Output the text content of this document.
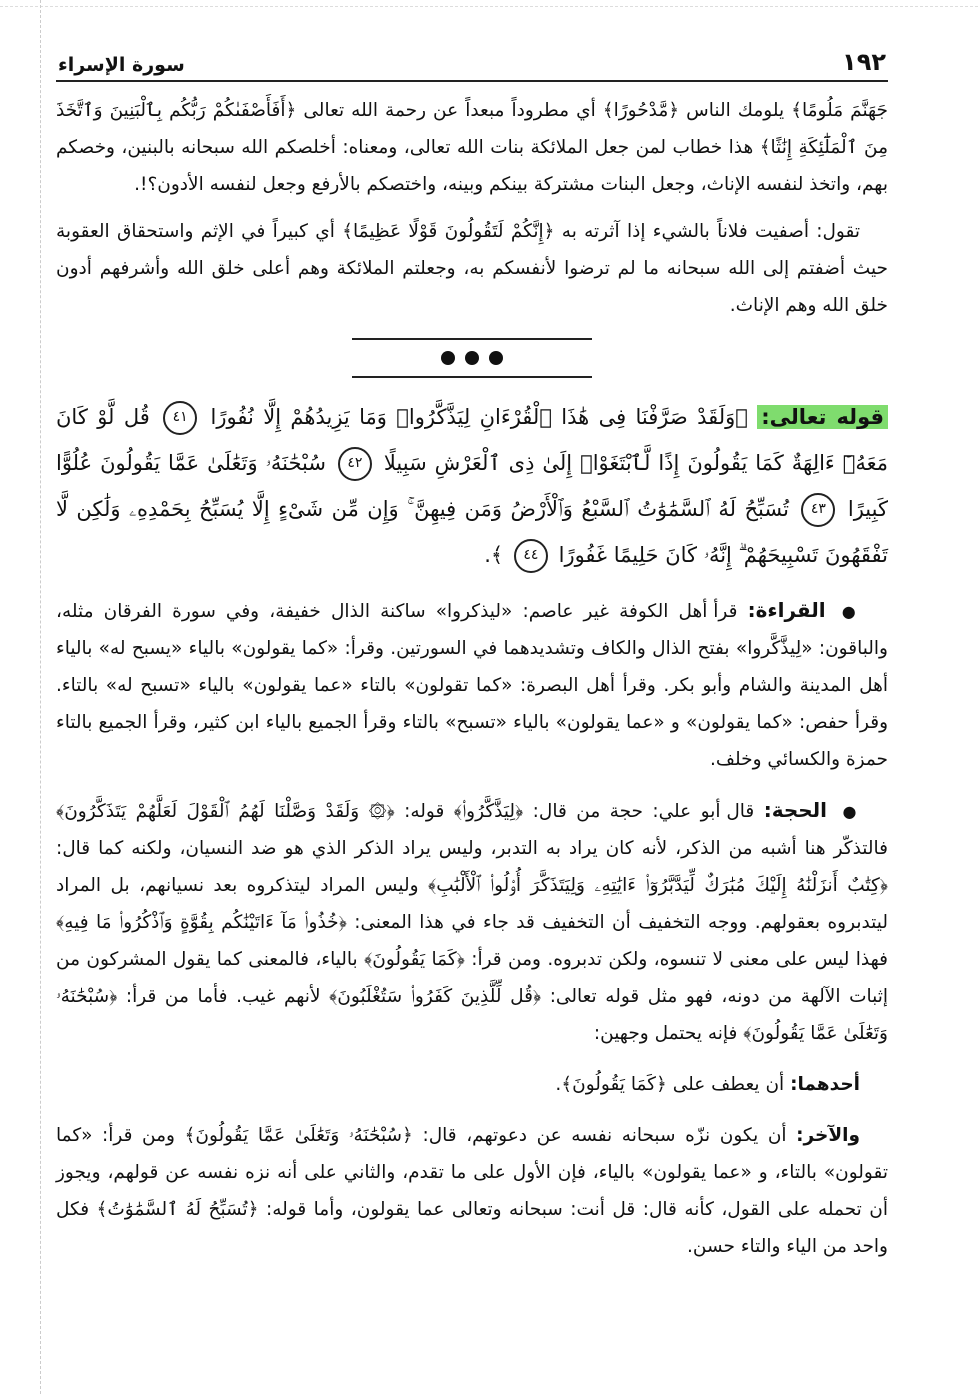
١٩٢
سورة الإسراء

جَهَنَّمَ مَلُومًا﴾ يلومك الناس ﴿مَّدْحُورًا﴾ أي مطروداً مبعداً عن رحمة الله تعالى ﴿أَفَأَصْفَىٰكُمْ رَبُّكُم بِٱلْبَنِينَ وَٱتَّخَذَ مِنَ ٱلْمَلَٰٓئِكَةِ إِنَٰثًا﴾ هذا خطاب لمن جعل الملائكة بنات الله تعالى، ومعناه: أخلصكم الله سبحانه بالبنين، وخصكم بهم، واتخذ لنفسه الإناث، وجعل البنات مشتركة بينكم وبينه، واختصكم بالأرفع وجعل لنفسه الأدون؟!.

تقول: أصفيت فلاناً بالشيء إذا آثرته به ﴿إِنَّكُمْ لَتَقُولُونَ قَوْلًا عَظِيمًا﴾ أي كبيراً في الإثم واستحقاق العقوبة حيث أضفتم إلى الله سبحانه ما لم ترضوا لأنفسكم به، وجعلتم الملائكة وهم أعلى خلق الله وأشرفهم أدون خلق الله وهم الإناث.

قوله تعالى: ﴿وَلَقَدْ صَرَّفْنَا فِى هَٰذَا ٱلْقُرْءَانِ لِيَذَّكَّرُوا۟ وَمَا يَزِيدُهُمْ إِلَّا نُفُورًا ٤١ قُل لَّوْ كَانَ مَعَهُۥٓ ءَالِهَةٌ كَمَا يَقُولُونَ إِذًا لَّٱبْتَغَوْا۟ إِلَىٰ ذِى ٱلْعَرْشِ سَبِيلًا ٤٢ سُبْحَٰنَهُۥ وَتَعَٰلَىٰ عَمَّا يَقُولُونَ عُلُوًّا كَبِيرًا ٤٣ تُسَبِّحُ لَهُ ٱلسَّمَٰوَٰتُ ٱلسَّبْعُ وَٱلْأَرْضُ وَمَن فِيهِنَّ ۚ وَإِن مِّن شَىْءٍ إِلَّا يُسَبِّحُ بِحَمْدِهِۦ وَلَٰكِن لَّا تَفْقَهُونَ تَسْبِيحَهُمْ ۗ إِنَّهُۥ كَانَ حَلِيمًا غَفُورًا ٤٤ ﴾.

● القراءة: قرأ أهل الكوفة غير عاصم: «ليذكروا» ساكنة الذال خفيفة، وفي سورة الفرقان مثله، والباقون: «لِيذَّكَّروا» بفتح الذال والكاف وتشديدهما في السورتين. وقرأ: «كما يقولون» بالياء «يسبح له» بالياء أهل المدينة والشام وأبو بكر. وقرأ أهل البصرة: «كما تقولون» بالتاء «عما يقولون» بالياء «تسبح له» بالتاء. وقرأ حفص: «كما يقولون» و «عما يقولون» بالياء «تسبح» بالتاء وقرأ الجميع بالياء ابن كثير، وقرأ الجميع بالتاء حمزة والكسائي وخلف.

● الحجة: قال أبو علي: حجة من قال: ﴿لِيَذَّكَّرُوا۟﴾ قوله: ﴿۞ وَلَقَدْ وَصَّلْنَا لَهُمُ ٱلْقَوْلَ لَعَلَّهُمْ يَتَذَكَّرُونَ﴾ فالتذكّر هنا أشبه من الذكر، لأنه كان يراد به التدبر، وليس يراد الذكر الذي هو ضد النسيان، ولكنه كما قال: ﴿كِتَٰبٌ أَنزَلْنَٰهُ إِلَيْكَ مُبَٰرَكٌ لِّيَدَّبَّرُوٓا۟ ءَايَٰتِهِۦ وَلِيَتَذَكَّرَ أُو۟لُوا۟ ٱلْأَلْبَٰبِ﴾ وليس المراد ليتذكروه بعد نسيانهم، بل المراد ليتدبروه بعقولهم. ووجه التخفيف أن التخفيف قد جاء في هذا المعنى: ﴿خُذُوا۟ مَآ ءَاتَيْنَٰكُم بِقُوَّةٍ وَٱذْكُرُوا۟ مَا فِيهِ﴾ فهذا ليس على معنى لا تنسوه، ولكن تدبروه. ومن قرأ: ﴿كَمَا يَقُولُونَ﴾ بالياء، فالمعنى كما يقول المشركون من إثبات الآلهة من دونه، فهو مثل قوله تعالى: ﴿قُل لِّلَّذِينَ كَفَرُوا۟ سَتُغْلَبُونَ﴾ لأنهم غيب. فأما من قرأ: ﴿سُبْحَٰنَهُۥ وَتَعَٰلَىٰ عَمَّا يَقُولُونَ﴾ فإنه يحتمل وجهين:

أحدهما: أن يعطف على ﴿كَمَا يَقُولُونَ﴾.

والآخر: أن يكون نزّه سبحانه نفسه عن دعوتهم، قال: ﴿سُبْحَٰنَهُۥ وَتَعَٰلَىٰ عَمَّا يَقُولُونَ﴾ ومن قرأ: «كما تقولون» بالتاء، و «عما يقولون» بالياء، فإن الأول على ما تقدم، والثاني على أنه نزه نفسه عن قولهم، ويجوز أن تحمله على القول، كأنه قال: قل أنت: سبحانه وتعالى عما يقولون، وأما قوله: ﴿تُسَبِّحُ لَهُ ٱلسَّمَٰوَٰتُ﴾ فكل واحد من الياء والتاء حسن.
